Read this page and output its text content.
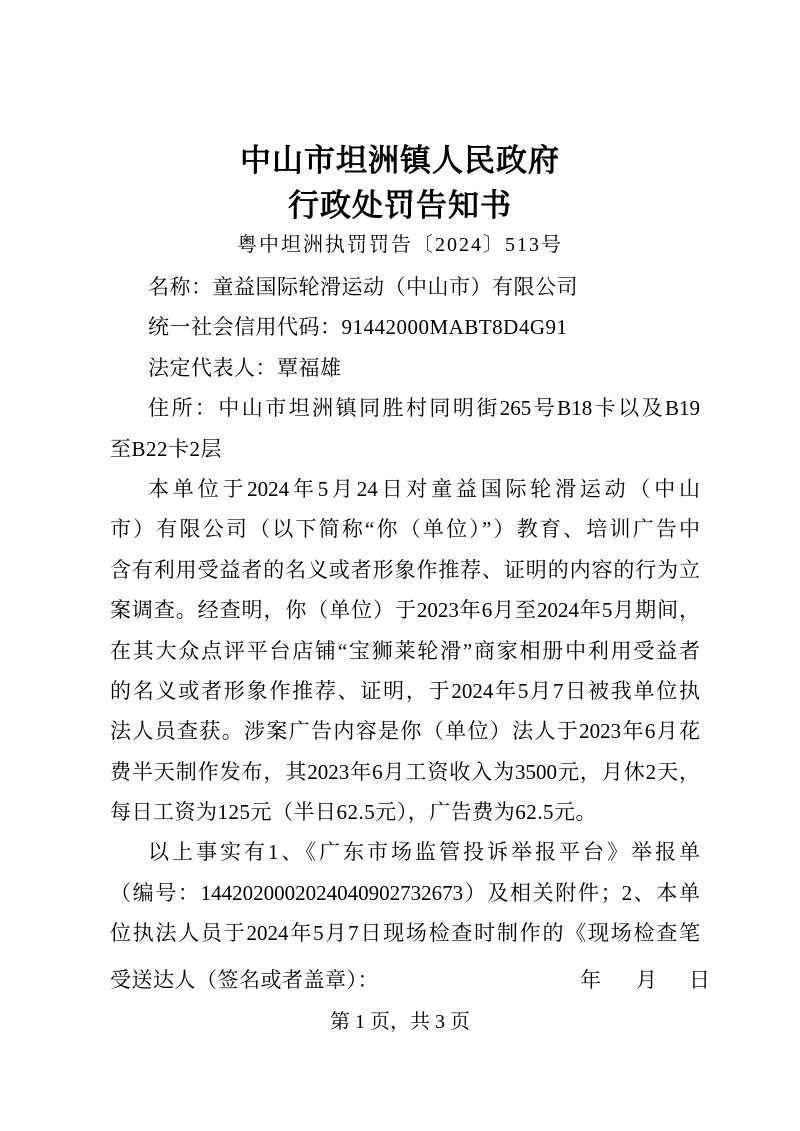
中山市坦洲镇人民政府
行政处罚告知书
粤中坦洲执罚罚告〔2024〕513号
名称：童益国际轮滑运动（中山市）有限公司
统一社会信用代码：91442000MABT8D4G91
法定代表人：覃福雄
住所：中山市坦洲镇同胜村同明街265号B18卡以及B19
至B22卡2层
本单位于2024年5月24日对童益国际轮滑运动（中山
市）有限公司（以下简称“你（单位）”）教育、培训广告中
含有利用受益者的名义或者形象作推荐、证明的内容的行为立
案调查。经查明，你（单位）于2023年6月至2024年5月期间，
在其大众点评平台店铺“宝狮莱轮滑”商家相册中利用受益者
的名义或者形象作推荐、证明，于2024年5月7日被我单位执
法人员查获。涉案广告内容是你（单位）法人于2023年6月花
费半天制作发布，其2023年6月工资收入为3500元，月休2天，
每日工资为125元（半日62.5元），广告费为62.5元。
以上事实有1、《广东市场监管投诉举报平台》举报单
（编号：1442020002024040902732673）及相关附件；2、本单
位执法人员于2024年5月7日现场检查时制作的《现场检查笔
受送达人（签名或者盖章）：	年 月 日
第 1 页，共 3 页
